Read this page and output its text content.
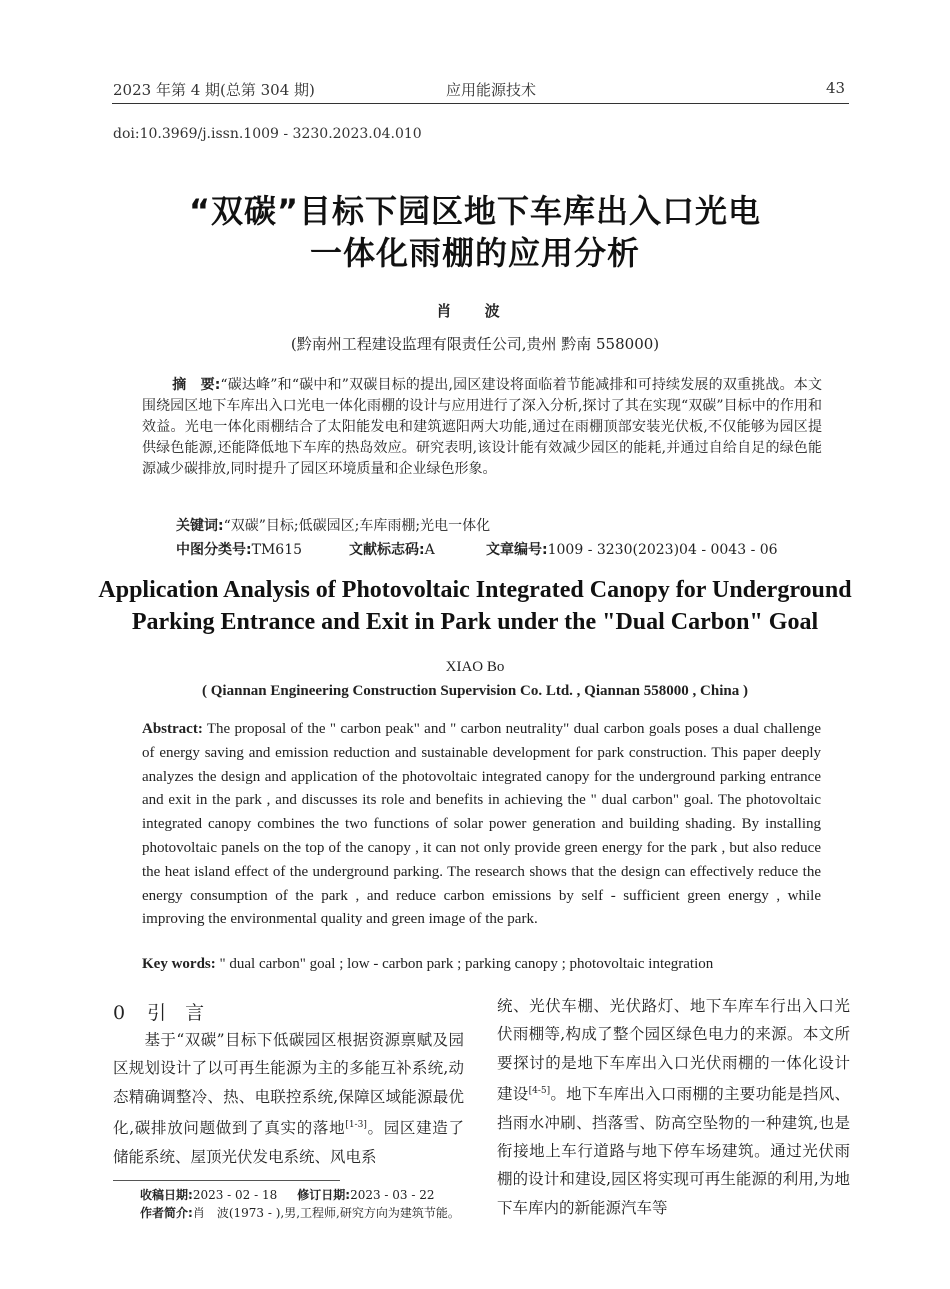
2023 年第 4 期(总第 304 期)	应用能源技术	43
doi:10.3969/j.issn.1009 - 3230.2023.04.010
“双碳”目标下园区地下车库出入口光电
一体化雨棚的应用分析
肖 波
(黔南州工程建设监理有限责任公司,贵州 黔南 558000)
摘　要:“碳达峰”和“碳中和”双碳目标的提出,园区建设将面临着节能减排和可持续发展的双重挑战。本文围绕园区地下车库出入口光电一体化雨棚的设计与应用进行了深入分析,探讨了其在实现“双碳”目标中的作用和效益。光电一体化雨棚结合了太阳能发电和建筑遮阳两大功能,通过在雨棚顶部安装光伏板,不仅能够为园区提供绿色能源,还能降低地下车库的热岛效应。研究表明,该设计能有效减少园区的能耗,并通过自给自足的绿色能源减少碳排放,同时提升了园区环境质量和企业绿色形象。
关键词:“双碳”目标;低碳园区;车库雨棚;光电一体化
中图分类号:TM615	文献标志码:A	文章编号:1009 - 3230(2023)04 - 0043 - 06
Application Analysis of Photovoltaic Integrated Canopy for Underground
Parking Entrance and Exit in Park under the "Dual Carbon" Goal
XIAO Bo
( Qiannan Engineering Construction Supervision Co. Ltd. , Qiannan 558000 , China )
Abstract: The proposal of the " carbon peak" and " carbon neutrality" dual carbon goals poses a dual challenge of energy saving and emission reduction and sustainable development for park construction. This paper deeply analyzes the design and application of the photovoltaic integrated canopy for the underground parking entrance and exit in the park , and discusses its role and benefits in achieving the " dual carbon" goal. The photovoltaic integrated canopy combines the two functions of solar power generation and building shading. By installing photovoltaic panels on the top of the canopy , it can not only provide green energy for the park , but also reduce the heat island effect of the underground parking. The research shows that the design can effectively reduce the energy consumption of the park , and reduce carbon emissions by self - sufficient green energy , while improving the environmental quality and green image of the park.
Key words: " dual carbon" goal ; low - carbon park ; parking canopy ; photovoltaic integration
0 引　言
基于“双碳”目标下低碳园区根据资源禀赋及园区规划设计了以可再生能源为主的多能互补系统,动态精确调整冷、热、电联控系统,保障区域能源最优化,碳排放问题做到了真实的落地[1-3]。园区建造了储能系统、屋顶光伏发电系统、风电系
统、光伏车棚、光伏路灯、地下车库车行出入口光伏雨棚等,构成了整个园区绿色电力的来源。本文所要探讨的是地下车库出入口光伏雨棚的一体化设计建设[4-5]。地下车库出入口雨棚的主要功能是挡风、挡雨水冲刷、挡落雪、防高空坠物的一种建筑,也是衔接地上车行道路与地下停车场建筑。通过光伏雨棚的设计和建设,园区将实现可再生能源的利用,为地下车库内的新能源汽车等
收稿日期:2023 - 02 - 18 修订日期:2023 - 03 - 22
作者简介:肖　波(1973 - ),男,工程师,研究方向为建筑节能。
